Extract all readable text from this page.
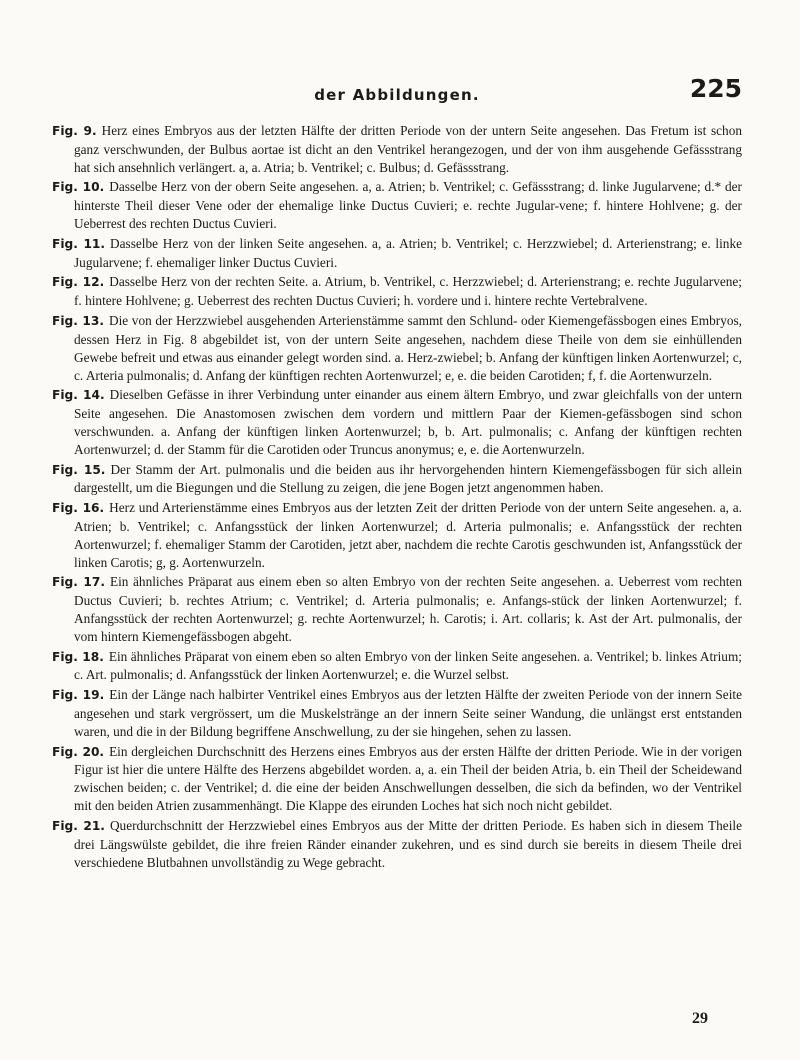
der Abbildungen.	225

Fig. 9. Herz eines Embryos aus der letzten Hälfte der dritten Periode von der untern Seite angesehen. Das Fretum ist schon ganz verschwunden, der Bulbus aortae ist dicht an den Ventrikel herangezogen, und der von ihm ausgehende Gefässstrang hat sich ansehnlich verlängert. a, a. Atria; b. Ventrikel; c. Bulbus; d. Gefässstrang.

Fig. 10. Dasselbe Herz von der obern Seite angesehen. a, a. Atrien; b. Ventrikel; c. Gefässstrang; d. linke Jugularvene; d.* der hinterste Theil dieser Vene oder der ehemalige linke Ductus Cuvieri; e. rechte Jugular-vene; f. hintere Hohlvene; g. der Ueberrest des rechten Ductus Cuvieri.

Fig. 11. Dasselbe Herz von der linken Seite angesehen. a, a. Atrien; b. Ventrikel; c. Herzzwiebel; d. Arterienstrang; e. linke Jugularvene; f. ehemaliger linker Ductus Cuvieri.

Fig. 12. Dasselbe Herz von der rechten Seite. a. Atrium, b. Ventrikel, c. Herzzwiebel; d. Arterienstrang; e. rechte Jugularvene; f. hintere Hohlvene; g. Ueberrest des rechten Ductus Cuvieri; h. vordere und i. hintere rechte Vertebralvene.

Fig. 13. Die von der Herzzwiebel ausgehenden Arterienstämme sammt den Schlund- oder Kiemengefässbogen eines Embryos, dessen Herz in Fig. 8 abgebildet ist, von der untern Seite angesehen, nachdem diese Theile von dem sie einhüllenden Gewebe befreit und etwas aus einander gelegt worden sind. a. Herz-zwiebel; b. Anfang der künftigen linken Aortenwurzel; c, c. Arteria pulmonalis; d. Anfang der künftigen rechten Aortenwurzel; e, e. die beiden Carotiden; f, f. die Aortenwurzeln.

Fig. 14. Dieselben Gefässe in ihrer Verbindung unter einander aus einem ältern Embryo, und zwar gleichfalls von der untern Seite angesehen. Die Anastomosen zwischen dem vordern und mittlern Paar der Kiemen-gefässbogen sind schon verschwunden. a. Anfang der künftigen linken Aortenwurzel; b, b. Art. pulmonalis; c. Anfang der künftigen rechten Aortenwurzel; d. der Stamm für die Carotiden oder Truncus anonymus; e, e. die Aortenwurzeln.

Fig. 15. Der Stamm der Art. pulmonalis und die beiden aus ihr hervorgehenden hintern Kiemengefässbogen für sich allein dargestellt, um die Biegungen und die Stellung zu zeigen, die jene Bogen jetzt angenommen haben.

Fig. 16. Herz und Arterienstämme eines Embryos aus der letzten Zeit der dritten Periode von der untern Seite angesehen. a, a. Atrien; b. Ventrikel; c. Anfangsstück der linken Aortenwurzel; d. Arteria pulmonalis; e. Anfangsstück der rechten Aortenwurzel; f. ehemaliger Stamm der Carotiden, jetzt aber, nachdem die rechte Carotis geschwunden ist, Anfangsstück der linken Carotis; g, g. Aortenwurzeln.

Fig. 17. Ein ähnliches Präparat aus einem eben so alten Embryo von der rechten Seite angesehen. a. Ueberrest vom rechten Ductus Cuvieri; b. rechtes Atrium; c. Ventrikel; d. Arteria pulmonalis; e. Anfangs-stück der linken Aortenwurzel; f. Anfangsstück der rechten Aortenwurzel; g. rechte Aortenwurzel; h. Carotis; i. Art. collaris; k. Ast der Art. pulmonalis, der vom hintern Kiemengefässbogen abgeht.

Fig. 18. Ein ähnliches Präparat von einem eben so alten Embryo von der linken Seite angesehen. a. Ventrikel; b. linkes Atrium; c. Art. pulmonalis; d. Anfangsstück der linken Aortenwurzel; e. die Wurzel selbst.

Fig. 19. Ein der Länge nach halbirter Ventrikel eines Embryos aus der letzten Hälfte der zweiten Periode von der innern Seite angesehen und stark vergrössert, um die Muskelstränge an der innern Seite seiner Wandung, die unlängst erst entstanden waren, und die in der Bildung begriffene Anschwellung, zu der sie hingehen, sehen zu lassen.

Fig. 20. Ein dergleichen Durchschnitt des Herzens eines Embryos aus der ersten Hälfte der dritten Periode. Wie in der vorigen Figur ist hier die untere Hälfte des Herzens abgebildet worden. a, a. ein Theil der beiden Atria, b. ein Theil der Scheidewand zwischen beiden; c. der Ventrikel; d. die eine der beiden Anschwellungen desselben, die sich da befinden, wo der Ventrikel mit den beiden Atrien zusammenhängt. Die Klappe des eirunden Loches hat sich noch nicht gebildet.

Fig. 21. Querdurchschnitt der Herzzwiebel eines Embryos aus der Mitte der dritten Periode. Es haben sich in diesem Theile drei Längswülste gebildet, die ihre freien Ränder einander zukehren, und es sind durch sie bereits in diesem Theile drei verschiedene Blutbahnen unvollständig zu Wege gebracht.

29
